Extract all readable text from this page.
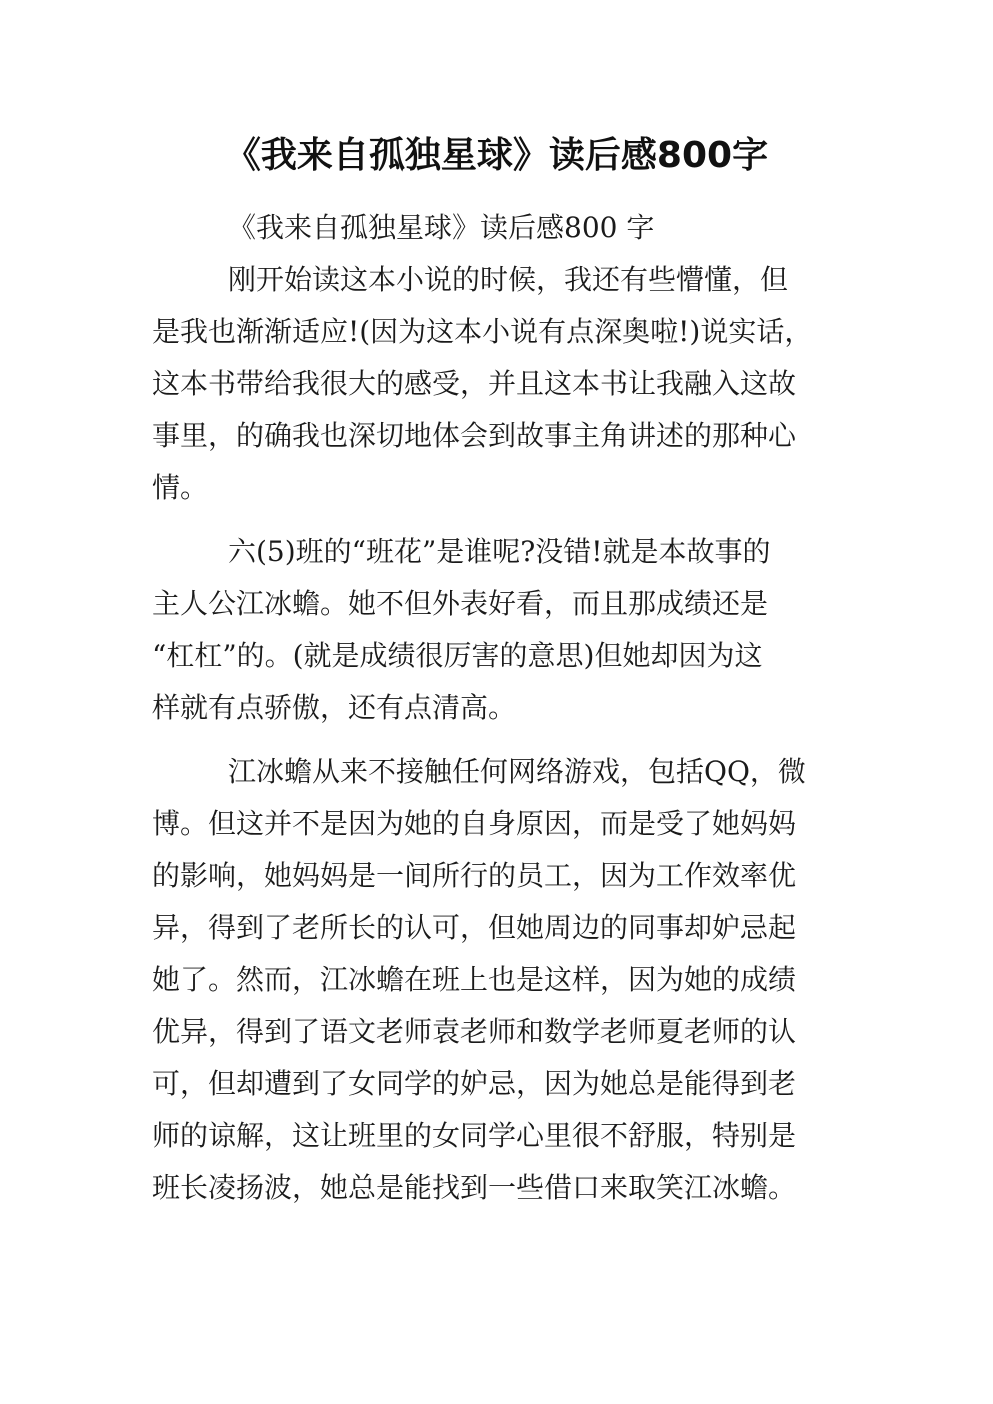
《我来自孤独星球》读后感800字
《我来自孤独星球》读后感800 字
刚开始读这本小说的时候，我还有些懵懂，但
是我也渐渐适应!(因为这本小说有点深奥啦!)说实话，
这本书带给我很大的感受，并且这本书让我融入这故
事里，的确我也深切地体会到故事主角讲述的那种心
情。
六(5)班的“班花”是谁呢?没错!就是本故事的
主人公江冰蟾。她不但外表好看，而且那成绩还是
“杠杠”的。(就是成绩很厉害的意思)但她却因为这
样就有点骄傲，还有点清高。
江冰蟾从来不接触任何网络游戏，包括QQ，微
博。但这并不是因为她的自身原因，而是受了她妈妈
的影响，她妈妈是一间所行的员工，因为工作效率优
异，得到了老所长的认可，但她周边的同事却妒忌起
她了。然而，江冰蟾在班上也是这样，因为她的成绩
优异，得到了语文老师袁老师和数学老师夏老师的认
可，但却遭到了女同学的妒忌，因为她总是能得到老
师的谅解，这让班里的女同学心里很不舒服，特别是
班长凌扬波，她总是能找到一些借口来取笑江冰蟾。
